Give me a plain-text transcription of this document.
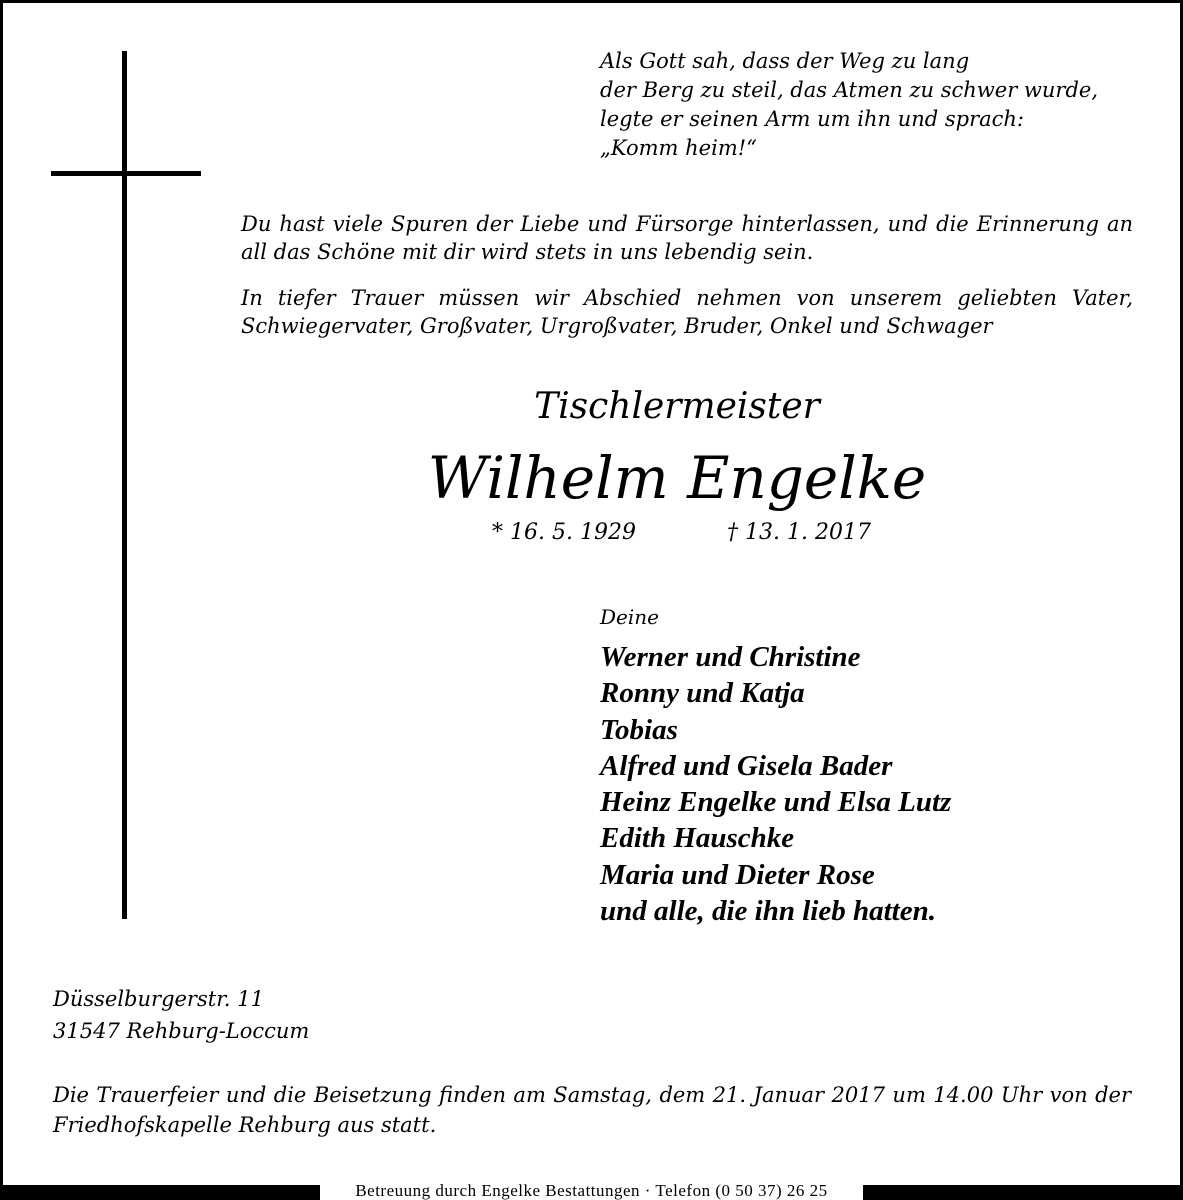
Als Gott sah, dass der Weg zu lang
der Berg zu steil, das Atmen zu schwer wurde,
legte er seinen Arm um ihn und sprach:
„Komm heim!“
Du hast viele Spuren der Liebe und Fürsorge hinterlassen, und die Erinnerung an all das Schöne mit dir wird stets in uns lebendig sein.
In tiefer Trauer müssen wir Abschied nehmen von unserem geliebten Vater, Schwiegervater, Großvater, Urgroßvater, Bruder, Onkel und Schwager
Tischlermeister
Wilhelm Engelke
* 16. 5. 1929	† 13. 1. 2017
Deine
Werner und Christine
Ronny und Katja
Tobias
Alfred und Gisela Bader
Heinz Engelke und Elsa Lutz
Edith Hauschke
Maria und Dieter Rose
und alle, die ihn lieb hatten.
Düsselburgerstr. 11
31547 Rehburg-Loccum
Die Trauerfeier und die Beisetzung finden am Samstag, dem 21. Januar 2017 um 14.00 Uhr von der Friedhofskapelle Rehburg aus statt.
Betreuung durch Engelke Bestattungen · Telefon (0 50 37) 26 25
